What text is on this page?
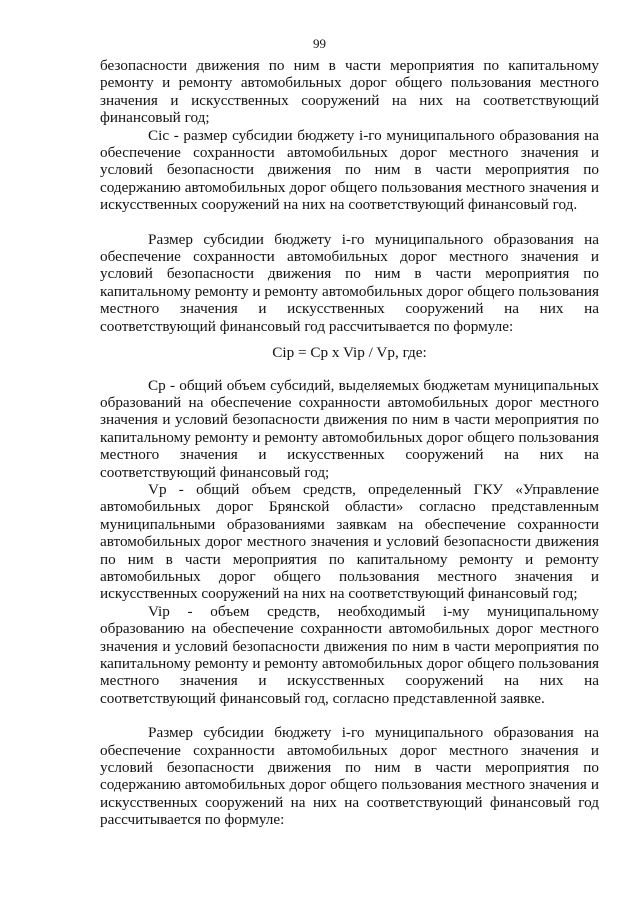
99

безопасности движения по ним в части мероприятия по капитальному ремонту и ремонту автомобильных дорог общего пользования местного значения и искусственных сооружений на них на соответствующий финансовый год;

Cic - размер субсидии бюджету i-го муниципального образования на обеспечение сохранности автомобильных дорог местного значения и условий безопасности движения по ним в части мероприятия по содержанию автомобильных дорог общего пользования местного значения и искусственных сооружений на них на соответствующий финансовый год.

Размер субсидии бюджету i-го муниципального образования на обеспечение сохранности автомобильных дорог местного значения и условий безопасности движения по ним в части мероприятия по капитальному ремонту и ремонту автомобильных дорог общего пользования местного значения и искусственных сооружений на них на соответствующий финансовый год рассчитывается по формуле:

Cip = Cp x Vip / Vp, где:

Cp - общий объем субсидий, выделяемых бюджетам муниципальных образований на обеспечение сохранности автомобильных дорог местного значения и условий безопасности движения по ним в части мероприятия по капитальному ремонту и ремонту автомобильных дорог общего пользования местного значения и искусственных сооружений на них на соответствующий финансовый год;

Vp - общий объем средств, определенный ГКУ «Управление автомобильных дорог Брянской области» согласно представленным муниципальными образованиями заявкам на обеспечение сохранности автомобильных дорог местного значения и условий безопасности движения по ним в части мероприятия по капитальному ремонту и ремонту автомобильных дорог общего пользования местного значения и искусственных сооружений на них на соответствующий финансовый год;

Vip - объем средств, необходимый i-му муниципальному образованию на обеспечение сохранности автомобильных дорог местного значения и условий безопасности движения по ним в части мероприятия по капитальному ремонту и ремонту автомобильных дорог общего пользования местного значения и искусственных сооружений на них на соответствующий финансовый год, согласно представленной заявке.

Размер субсидии бюджету i-го муниципального образования на обеспечение сохранности автомобильных дорог местного значения и условий безопасности движения по ним в части мероприятия по содержанию автомобильных дорог общего пользования местного значения и искусственных сооружений на них на соответствующий финансовый год рассчитывается по формуле:
